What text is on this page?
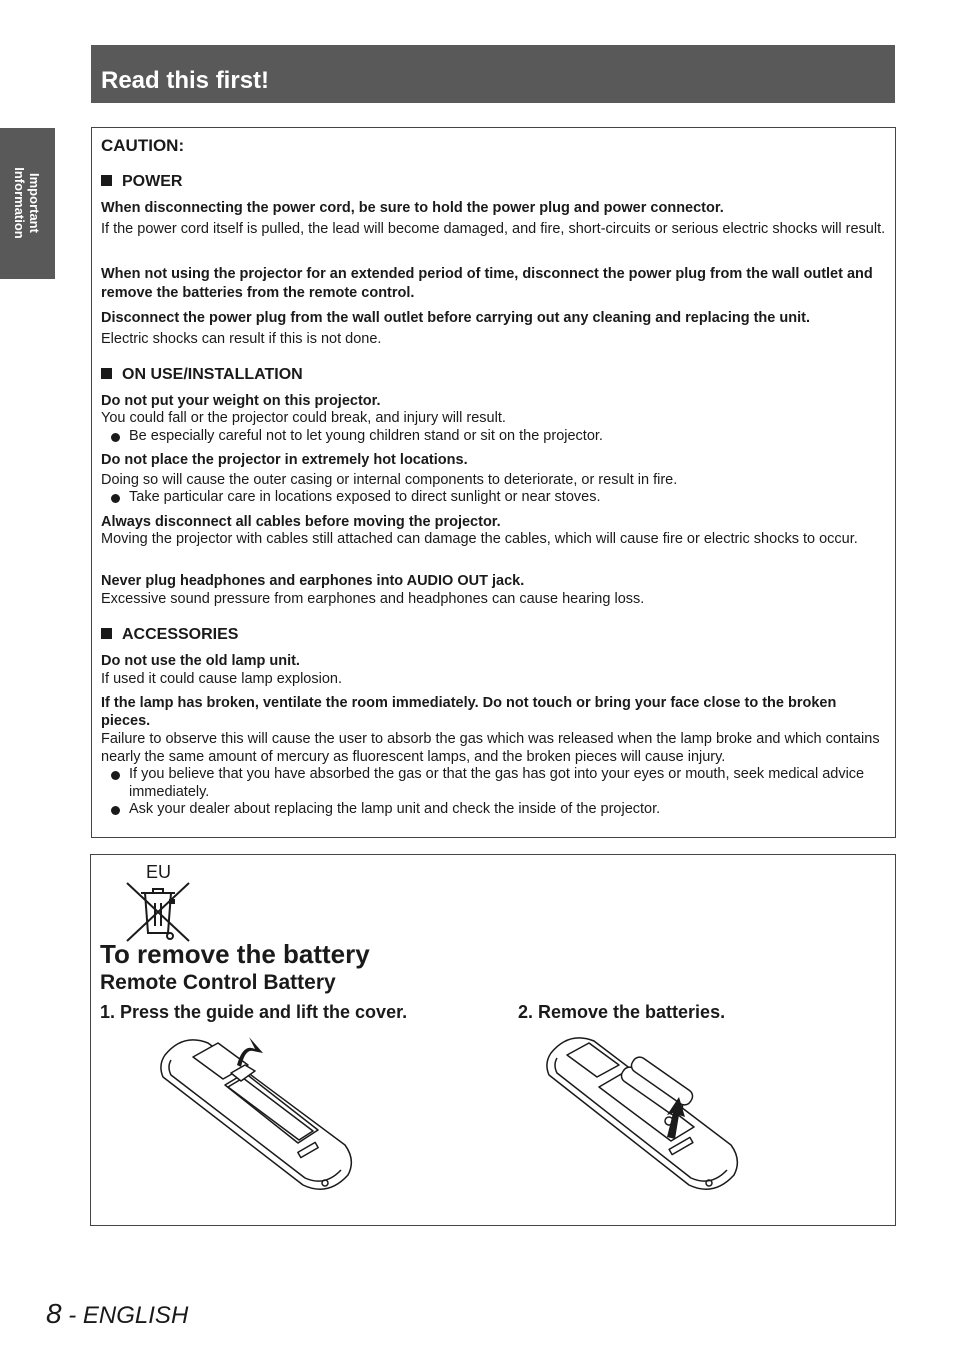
Read this first!
Important
Information

CAUTION:

POWER

When disconnecting the power cord, be sure to hold the power plug and power connector.

If the power cord itself is pulled, the lead will become damaged, and fire, short-circuits or serious electric shocks will result.

When not using the projector for an extended period of time, disconnect the power plug from the wall outlet and remove the batteries from the remote control.

Disconnect the power plug from the wall outlet before carrying out any cleaning and replacing the unit.

Electric shocks can result if this is not done.

ON USE/INSTALLATION

Do not put your weight on this projector.

You could fall or the projector could break, and injury will result.

Be especially careful not to let young children stand or sit on the projector.

Do not place the projector in extremely hot locations.

Doing so will cause the outer casing or internal components to deteriorate, or result in fire.

Take particular care in locations exposed to direct sunlight or near stoves.

Always disconnect all cables before moving the projector.

Moving the projector with cables still attached can damage the cables, which will cause fire or electric shocks to occur.

Never plug headphones and earphones into AUDIO OUT jack.

Excessive sound pressure from earphones and headphones can cause hearing loss.

ACCESSORIES

Do not use the old lamp unit.

If used it could cause lamp explosion.

If the lamp has broken, ventilate the room immediately. Do not touch or bring your face close to the broken pieces.

Failure to observe this will cause the user to absorb the gas which was released when the lamp broke and which contains nearly the same amount of mercury as fluorescent lamps, and the broken pieces will cause injury.

If you believe that you have absorbed the gas or that the gas has got into your eyes or mouth, seek medical advice immediately.

Ask your dealer about replacing the lamp unit and check the inside of the projector.

EU
To remove the battery
Remote Control Battery
1. Press the guide and lift the cover.	2. Remove the batteries.
8 - ENGLISH
